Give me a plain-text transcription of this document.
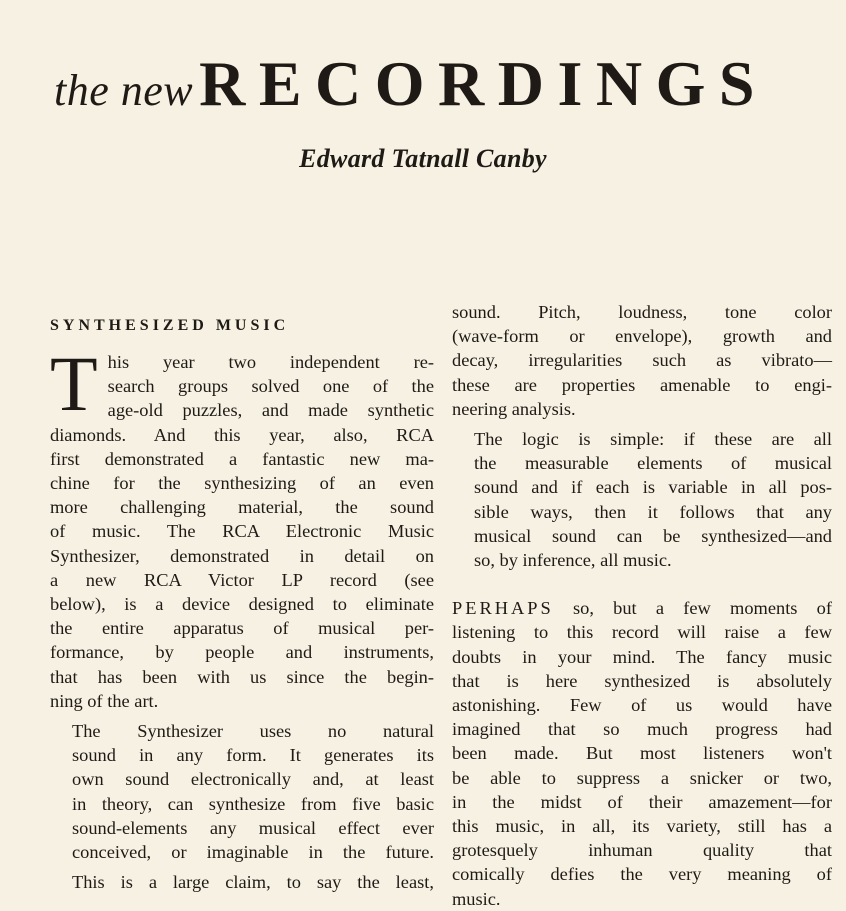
the newRECORDINGS
Edward Tatnall Canby

SYNTHESIZED MUSIC

T his year two independent re-
search groups solved one of the
age-old puzzles, and made synthetic
diamonds. And this year, also, RCA
first demonstrated a fantastic new ma-
chine for the synthesizing of an even
more challenging material, the sound
of music. The RCA Electronic Music
Synthesizer, demonstrated in detail on
a new RCA Victor LP record (see
below), is a device designed to eliminate
the entire apparatus of musical per-
formance, by people and instruments,
that has been with us since the begin-
ning of the art.

The Synthesizer uses no natural
sound in any form. It generates its
own sound electronically and, at least
in theory, can synthesize from five basic
sound-elements any musical effect ever
conceived, or imaginable in the future.

This is a large claim, to say the least,

sound. Pitch, loudness, tone color
(wave-form or envelope), growth and
decay, irregularities such as vibrato—
these are properties amenable to engi-
neering analysis.

The logic is simple: if these are all
the measurable elements of musical
sound and if each is variable in all pos-
sible ways, then it follows that any
musical sound can be synthesized—and
so, by inference, all music.

PERHAPS so, but a few moments of
listening to this record will raise a few
doubts in your mind. The fancy music
that is here synthesized is absolutely
astonishing. Few of us would have
imagined that so much progress had
been made. But most listeners won't
be able to suppress a snicker or two,
in the midst of their amazement—for
this music, in all, its variety, still has a
grotesquely inhuman quality that
comically defies the very meaning of
music.
